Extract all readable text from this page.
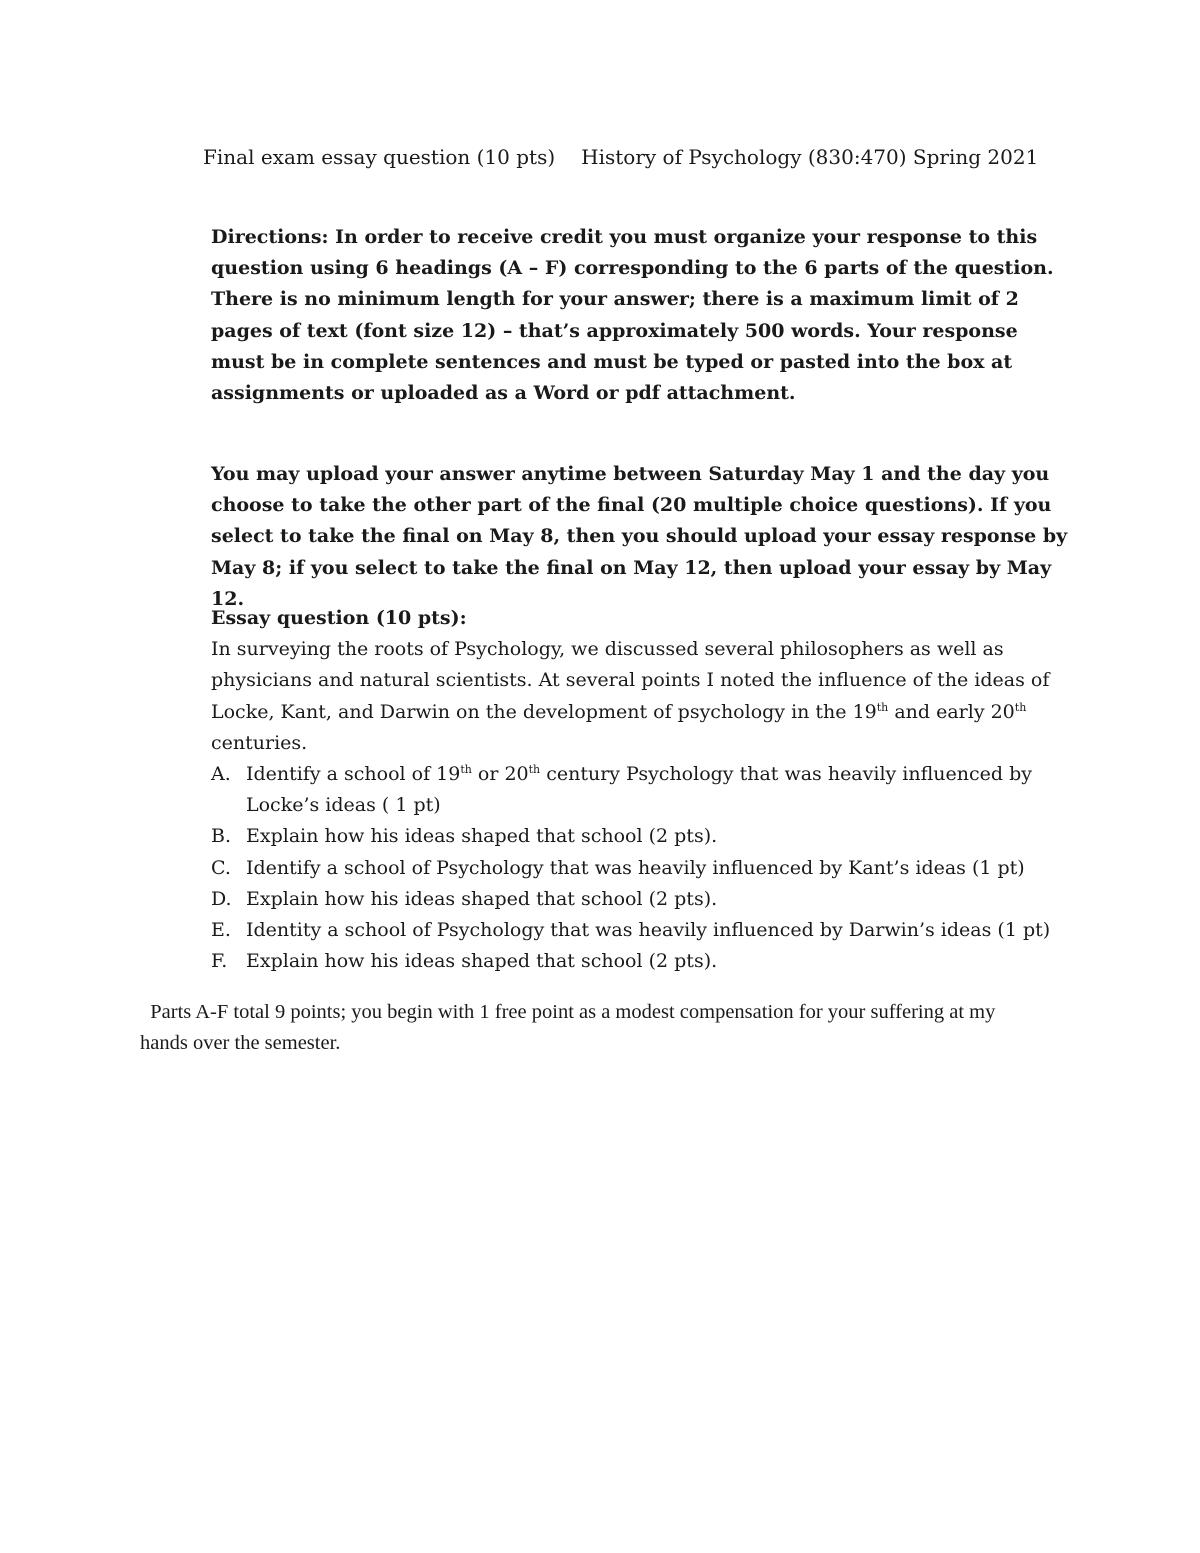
Final exam essay question (10 pts) History of Psychology (830:470) Spring 2021
Directions: In order to receive credit you must organize your response to this question using 6 headings (A – F) corresponding to the 6 parts of the question. There is no minimum length for your answer; there is a maximum limit of 2 pages of text (font size 12) – that’s approximately 500 words. Your response must be in complete sentences and must be typed or pasted into the box at assignments or uploaded as a Word or pdf attachment.
You may upload your answer anytime between Saturday May 1 and the day you choose to take the other part of the final (20 multiple choice questions). If you select to take the final on May 8, then you should upload your essay response by May 8; if you select to take the final on May 12, then upload your essay by May 12.
Essay question (10 pts):

In surveying the roots of Psychology, we discussed several philosophers as well as physicians and natural scientists. At several points I noted the influence of the ideas of Locke, Kant, and Darwin on the development of psychology in the 19th and early 20th centuries.

A. Identify a school of 19th or 20th century Psychology that was heavily influenced by Locke’s ideas ( 1 pt)
B. Explain how his ideas shaped that school (2 pts).
C. Identify a school of Psychology that was heavily influenced by Kant’s ideas (1 pt)
D. Explain how his ideas shaped that school (2 pts).
E. Identity a school of Psychology that was heavily influenced by Darwin’s ideas (1 pt)
F. Explain how his ideas shaped that school (2 pts).
Parts A-F total 9 points; you begin with 1 free point as a modest compensation for your suffering at my hands over the semester.
